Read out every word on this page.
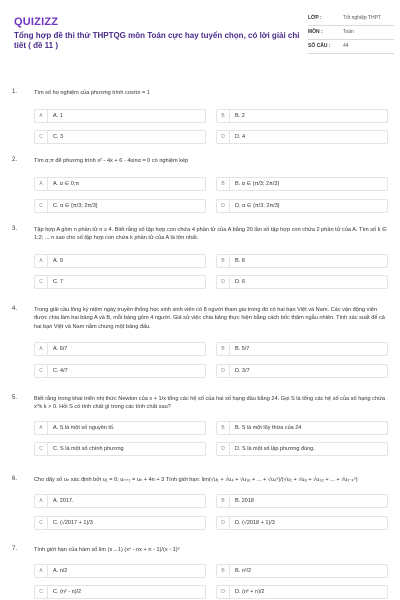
QUIZIZZ
Tổng hợp đề thi thử THPTQG môn Toán cực hay tuyển chọn, có lời giải chi tiết ( đề 11 )
LỚP :	Tốt nghiệp THPT
MÔN :	Toán
SỐ CÂU :	44
1.	Tìm số họ nghiệm của phương trình cosπx = 1
A	A. 1	B	B. 2
C	C. 3	D	D. 4
2.	Tìm α;π để phương trình x² - 4x + 6 - 4sinα = 0 có nghiệm kép
A	A. α ∈ 0;π	B	B. α ∈ {π/3; 2π/3}
C	C. α ∈ {π/3; 2π/3}	D	D. α ∈ {π/3; 2π/3}
3.	Tập hợp A gồm n phần tử n ≥ 4. Biết rằng số tập hợp con chứa 4 phần tử của A bằng 20 lần số tập hợp con chứa 2 phần tử của A. Tìm số k ∈ 1;2; ... n sao cho số tập hợp con chứa k phần tử của A là lớn nhất.
A	A. 9	B	B. 8
C	C. 7	D	D. 6
4.	Trong giải cầu lông kỷ niệm ngày truyền thống học sinh sinh viên có 8 người tham gia trong đó có hai bạn Việt và Nam. Các vận động viên được chia làm hai bảng A và B, mỗi bảng gồm 4 người. Giả sử việc chia bảng thực hiện bằng cách bốc thăm ngẫu nhiên. Tính xác suất để cả hai bạn Việt và Nam nằm chung một bảng đấu.
A	A. 6/7	B	B. 5/7
C	C. 4/7	D	D. 3/7
5.	Biết rằng trong khai triển nhị thức Newton của x + 1/x tổng các hệ số của hai số hạng đầu bằng 24. Gọi S là tổng các hệ số của số hạng chứa x^k k > 0. Hỏi S có tính chất gì trong các tính chất sau?
A	A. S là một số nguyên tố.	B	B. S là một lũy thừa của 24
C	C. S là một số chính phương	D	D. S là một số lập phương đúng.
6.	Cho dãy số uₙ xác định bởi u₁ = 0; uₙ₊₁ = uₙ + 4n + 3 Tính giới hạn: lim(√u₁ + √u₄ + √u₁₆ + ... + √u₄ⁿ)/(√u₂ + √u₈ + √u₃₂ + ... + √u₂·₄ⁿ)
A	A. 2017.	B	B. 2018
C	C. (√2017 + 1)/3	D	D. (√2018 + 1)/3
7.	Tính giới hạn của hàm số lim (x→1) (xⁿ - nx + n - 1)/(x - 1)²
A	A. n/2	B	B. n²/2
C	C. (n² - n)/2	D	D. (n² + n)/2
